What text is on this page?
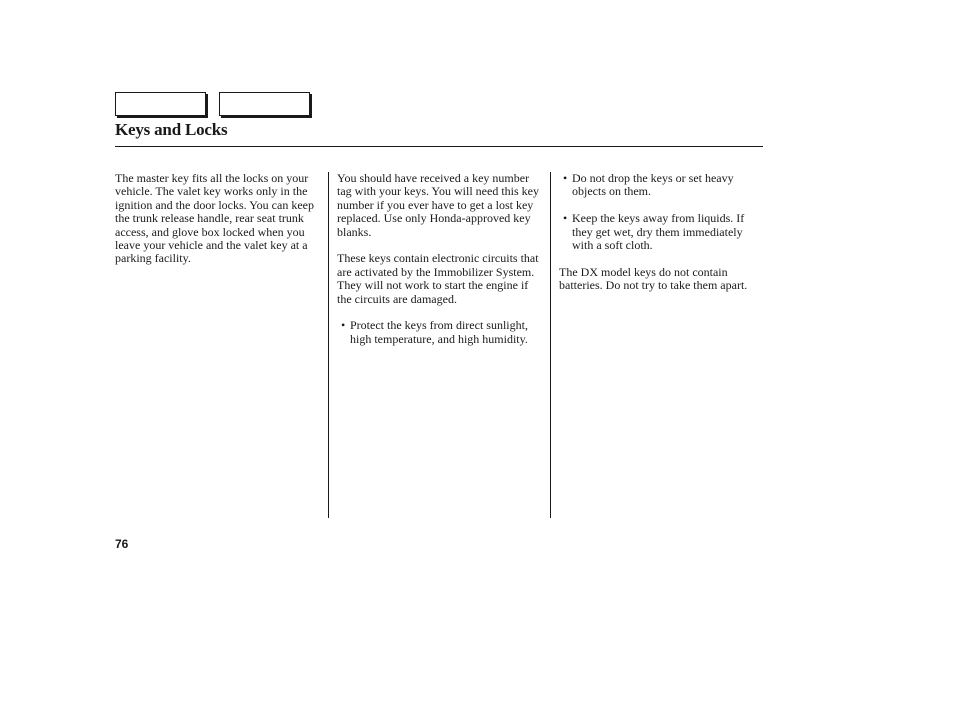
Keys and Locks

The master key fits all the locks on your vehicle. The valet key works only in the ignition and the door locks. You can keep the trunk release handle, rear seat trunk access, and glove box locked when you leave your vehicle and the valet key at a parking facility.

You should have received a key number tag with your keys. You will need this key number if you ever have to get a lost key replaced. Use only Honda-approved key blanks.

These keys contain electronic circuits that are activated by the Immobilizer System. They will not work to start the engine if the circuits are damaged.

• Protect the keys from direct sunlight, high temperature, and high humidity.
• Do not drop the keys or set heavy objects on them.
• Keep the keys away from liquids. If they get wet, dry them immediately with a soft cloth.

The DX model keys do not contain batteries. Do not try to take them apart.

76
